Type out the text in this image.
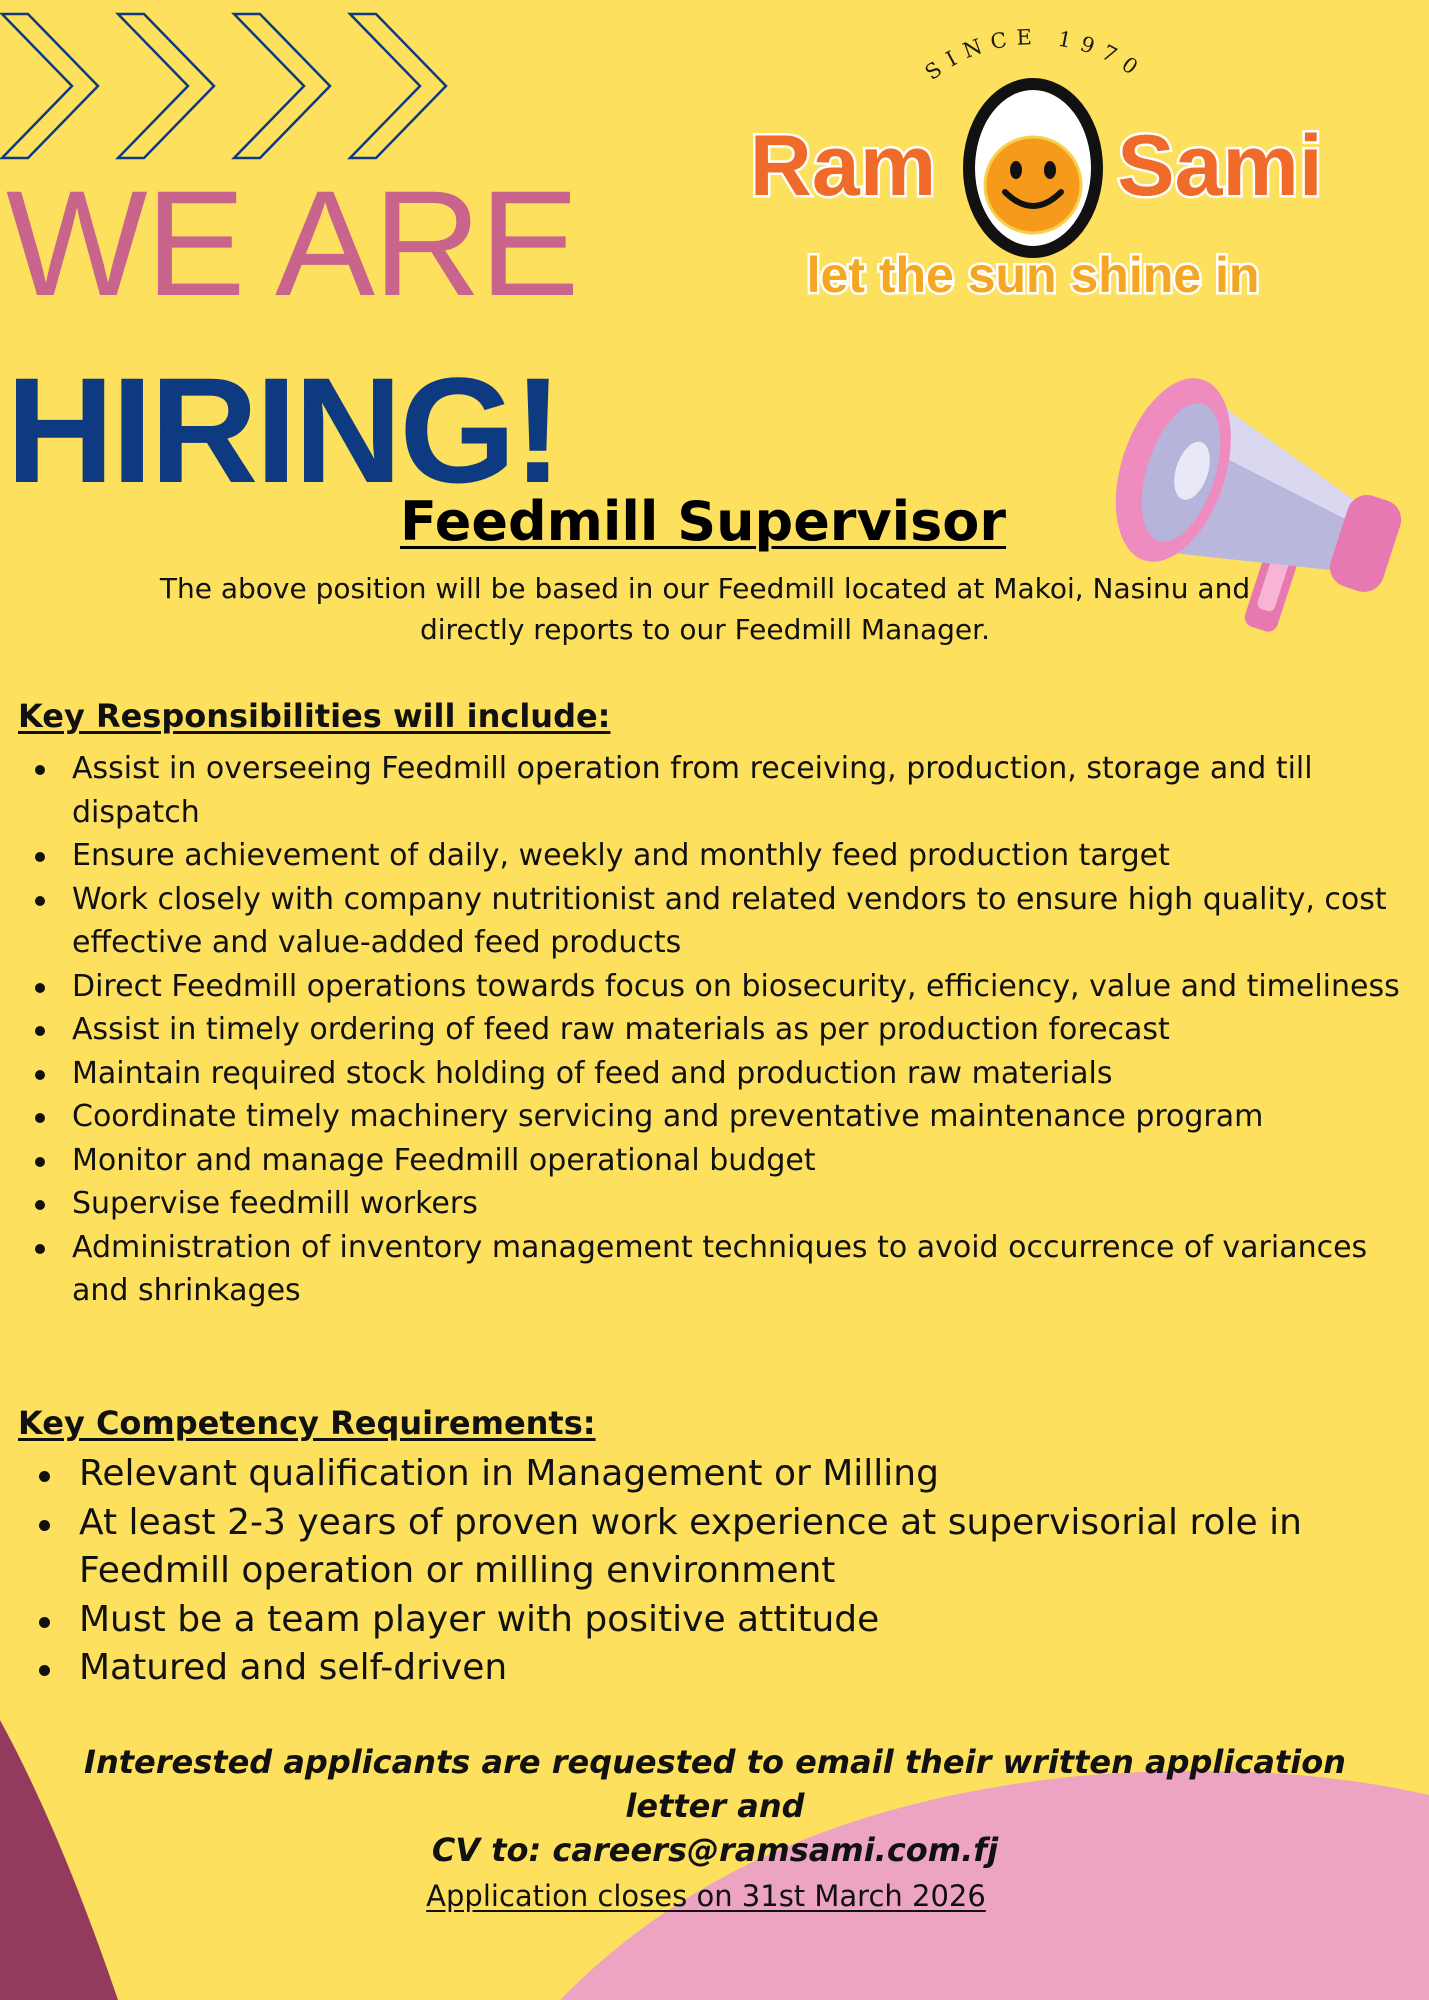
WE ARE
HIRING!
SINCE 1970
Ram Sami
let the sun shine in
Feedmill Supervisor

The above position will be based in our Feedmill located at Makoi, Nasinu and
directly reports to our Feedmill Manager.

Key Responsibilities will include:
Assist in overseeing Feedmill operation from receiving, production, storage and till dispatch
Ensure achievement of daily, weekly and monthly feed production target
Work closely with company nutritionist and related vendors to ensure high quality, cost effective and value-added feed products
Direct Feedmill operations towards focus on biosecurity, efficiency, value and timeliness
Assist in timely ordering of feed raw materials as per production forecast
Maintain required stock holding of feed and production raw materials
Coordinate timely machinery servicing and preventative maintenance program
Monitor and manage Feedmill operational budget
Supervise feedmill workers
Administration of inventory management techniques to avoid occurrence of variances and shrinkages
Key Competency Requirements:
Relevant qualification in Management or Milling
At least 2-3 years of proven work experience at supervisorial role in Feedmill operation or milling environment
Must be a team player with positive attitude
Matured and self-driven

Interested applicants are requested to email their written application letter and
CV to: careers@ramsami.com.fj

Application closes on 31st March 2026
